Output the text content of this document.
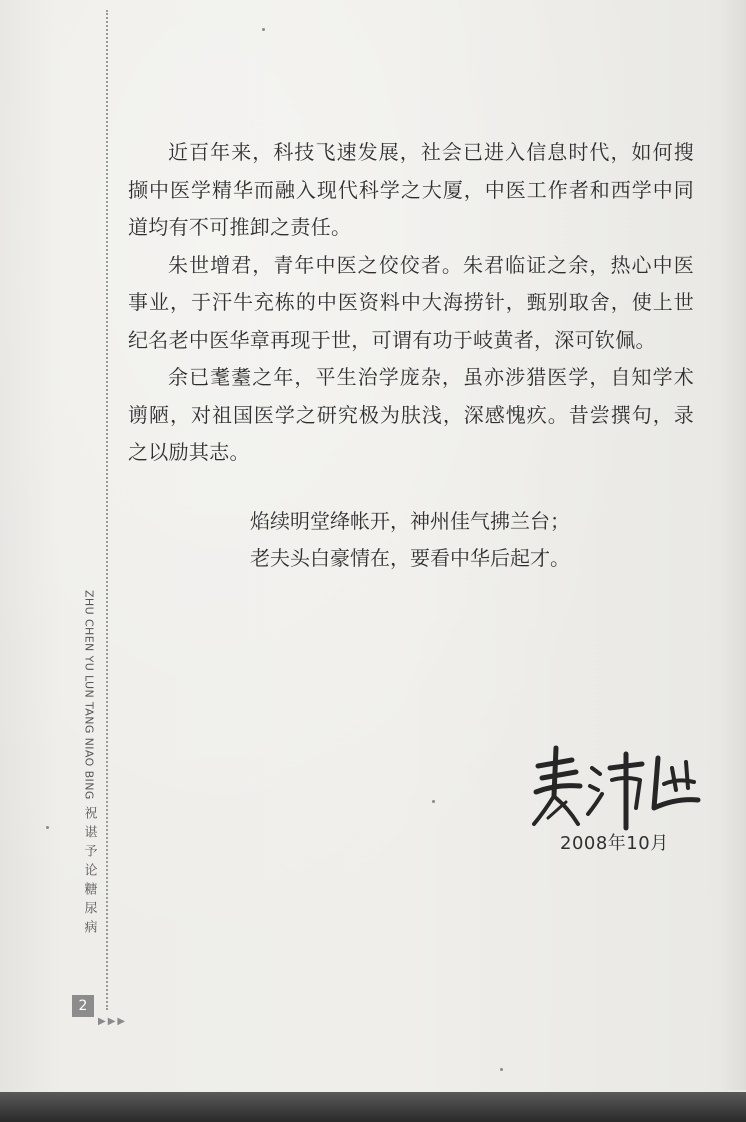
近百年来，科技飞速发展，社会已进入信息时代，如何搜撷中医学精华而融入现代科学之大厦，中医工作者和西学中同道均有不可推卸之责任。

朱世增君，青年中医之佼佼者。朱君临证之余，热心中医事业，于汗牛充栋的中医资料中大海捞针，甄别取舍，使上世纪名老中医华章再现于世，可谓有功于岐黄者，深可钦佩。

余已耄耋之年，平生治学庞杂，虽亦涉猎医学，自知学术谫陋，对祖国医学之研究极为肤浅，深感愧疚。昔尝撰句，录之以励其志。

焰续明堂绛帐开，神州佳气拂兰台；

老夫头白豪情在，要看中华后起才。

2008年10月
ZHU CHEN YU LUN TANG NIAO BING
祝谌予论糖尿病
2
▶▶▶
